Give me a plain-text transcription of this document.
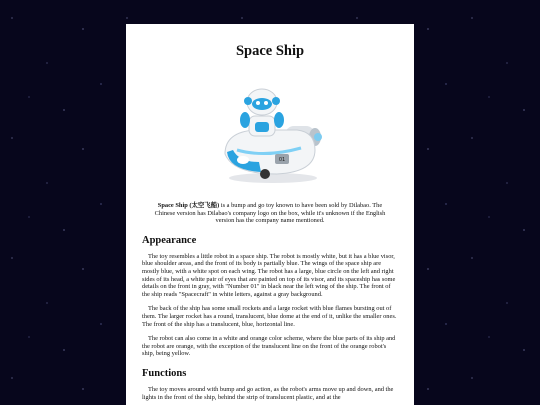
Space Ship
01

Space Ship (太空飞船) is a bump and go toy known to have been sold by Dilabao. The Chinese version has Dilabao's company logo on the box, while it's unknown if the English version has the company name mentioned.

Appearance

The toy resembles a little robot in a space ship. The robot is mostly white, but it has a blue visor, blue shoulder areas, and the front of its body is partially blue. The wings of the space ship are mostly blue, with a white spot on each wing. The robot has a large, blue circle on the left and right sides of its head, a white pair of eyes that are painted on top of its visor, and its spaceship has some details on the front in gray, with "Number 01" in black near the left wing of the ship. The front of the ship reads "Spacecraft" in white letters, against a gray background.

The back of the ship has some small rockets and a large rocket with blue flames bursting out of them. The larger rocket has a round, translucent, blue dome at the end of it, unlike the smaller ones. The front of the ship has a translucent, blue, horizontal line.

The robot can also come in a white and orange color scheme, where the blue parts of its ship and the robot are orange, with the exception of the translucent line on the front of the orange robot's ship, being yellow.

Functions

The toy moves around with bump and go action, as the robot's arms move up and down, and the lights in the front of the ship, behind the strip of translucent plastic, and at the
